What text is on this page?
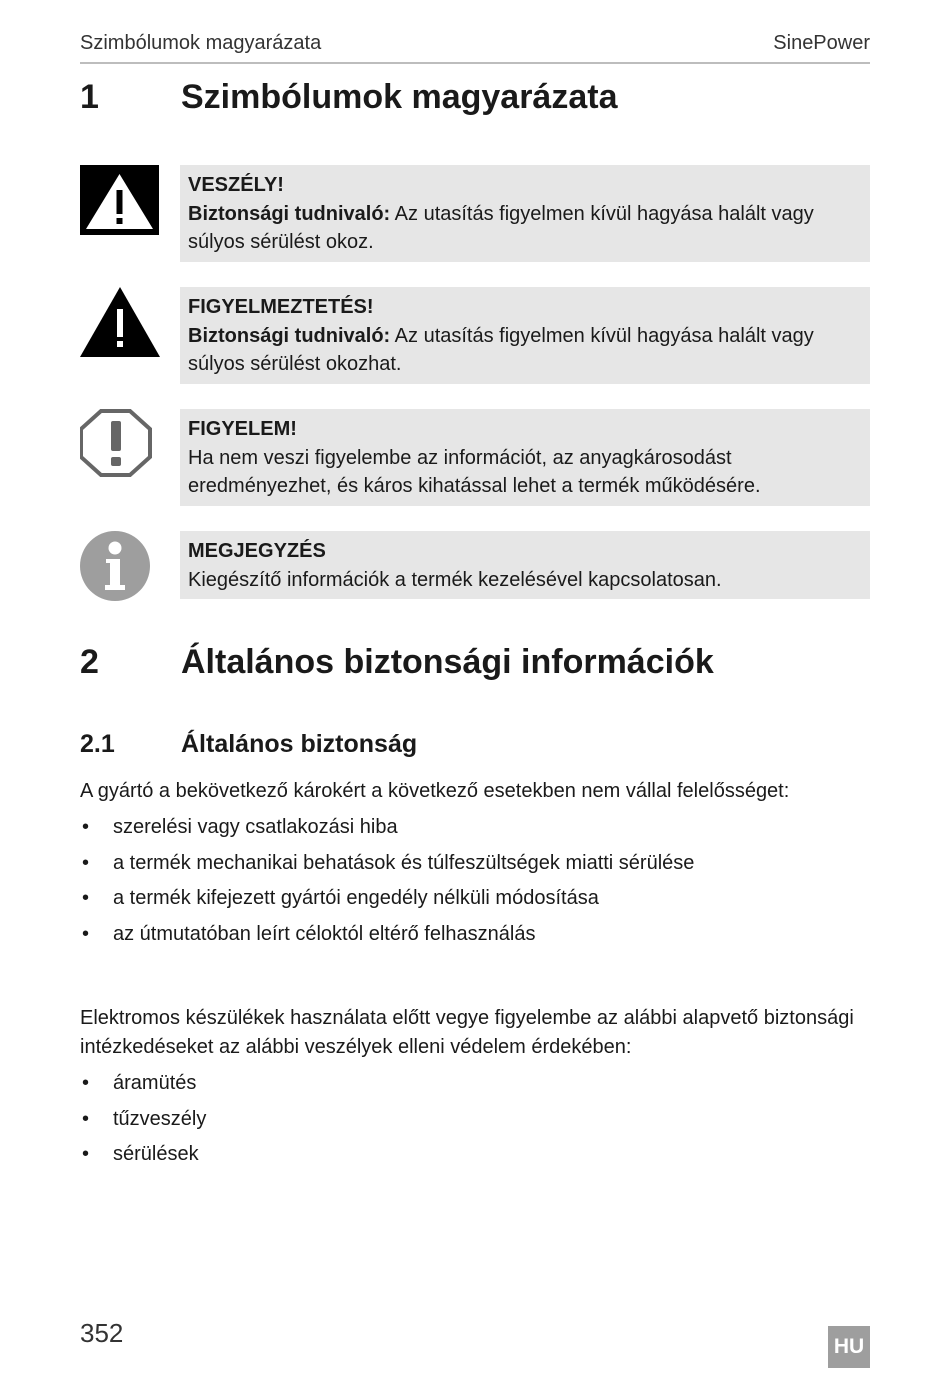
Szimbólumok magyarázata	SinePower
1 Szimbólumok magyarázata
VESZÉLY!
Biztonsági tudnivaló: Az utasítás figyelmen kívül hagyása halált vagy súlyos sérülést okoz.
FIGYELMEZTETÉS!
Biztonsági tudnivaló: Az utasítás figyelmen kívül hagyása halált vagy súlyos sérülést okozhat.
FIGYELEM!
Ha nem veszi figyelembe az információt, az anyagkárosodást eredményezhet, és káros kihatással lehet a termék működésére.
MEGJEGYZÉS
Kiegészítő információk a termék kezelésével kapcsolatosan.
2 Általános biztonsági információk
2.1	Általános biztonság
A gyártó a bekövetkező károkért a következő esetekben nem vállal felelősséget:
• szerelési vagy csatlakozási hiba
• a termék mechanikai behatások és túlfeszültségek miatti sérülése
• a termék kifejezett gyártói engedély nélküli módosítása
• az útmutatóban leírt céloktól eltérő felhasználás
Elektromos készülékek használata előtt vegye figyelembe az alábbi alapvető biztonsági intézkedéseket az alábbi veszélyek elleni védelem érdekében:
• áramütés
• tűzveszély
• sérülések
352	HU
